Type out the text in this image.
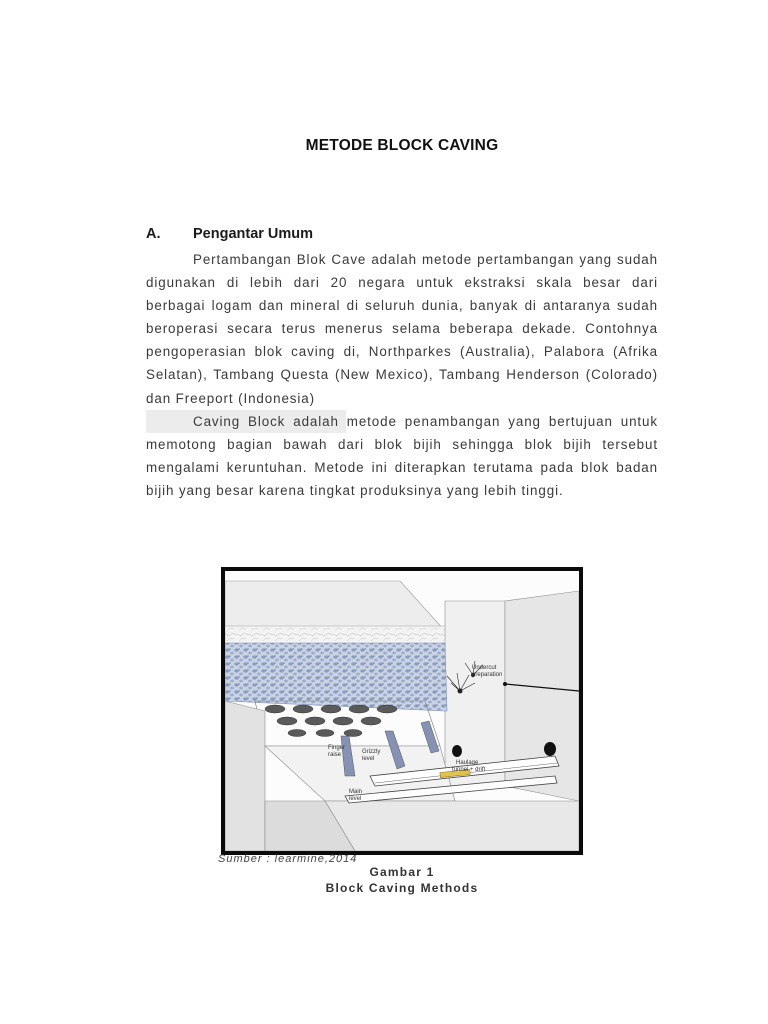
METODE BLOCK CAVING
A. Pengantar Umum

Pertambangan Blok Cave adalah metode pertambangan yang sudah digunakan di lebih dari 20 negara untuk ekstraksi skala besar dari berbagai logam dan mineral di seluruh dunia, banyak di antaranya sudah beroperasi secara terus menerus selama beberapa dekade. Contohnya pengoperasian blok caving di, Northparkes (Australia), Palabora (Afrika Selatan), Tambang Questa (New Mexico), Tambang Henderson (Colorado) dan Freeport (Indonesia)

Caving Block adalah metode penambangan yang bertujuan untuk memotong bagian bawah dari blok bijih sehingga blok bijih tersebut mengalami keruntuhan. Metode ini diterapkan terutama pada blok badan bijih yang besar karena tingkat produksinya yang lebih tinggi.

Undercut
preparation
Finger
raise	Grizzly
level
Haulage
tunnel + drift
Main
level
Sumber : learmine,2014
Gambar 1
Block Caving Methods
